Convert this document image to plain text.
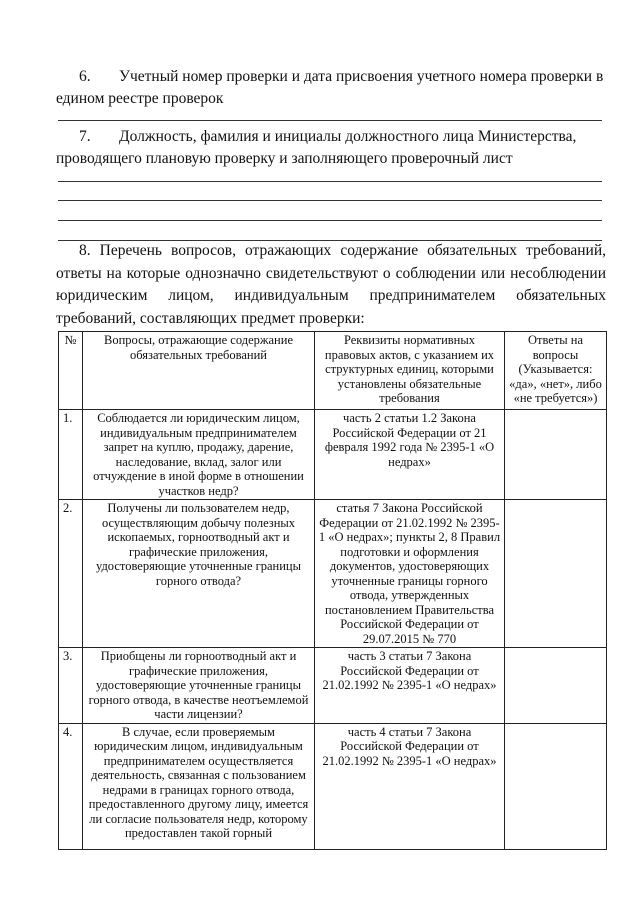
6. Учетный номер проверки и дата присвоения учетного номера проверки в едином реестре проверок
7. Должность, фамилия и инициалы должностного лица Министерства, проводящего плановую проверку и заполняющего проверочный лист
8. Перечень вопросов, отражающих содержание обязательных требований, ответы на которые однозначно свидетельствуют о соблюдении или несоблюдении юридическим лицом, индивидуальным предпринимателем обязательных
требований, составляющих предмет проверки:
№	Вопросы, отражающие содержание обязательных требований	Реквизиты нормативных правовых актов, с указанием их структурных единиц, которыми установлены обязательные требования	Ответы на вопросы (Указывается: «да», «нет», либо «не требуется»)
1.	Соблюдается ли юридическим лицом, индивидуальным предпринимателем запрет на куплю, продажу, дарение, наследование, вклад, залог или отчуждение в иной форме в отношении участков недр?	часть 2 статьи 1.2 Закона Российской Федерации от 21 февраля 1992 года № 2395-1 «О недрах»	
2.	Получены ли пользователем недр, осуществляющим добычу полезных ископаемых, горноотводный акт и графические приложения, удостоверяющие уточненные границы горного отвода?	статья 7 Закона Российской Федерации от 21.02.1992 № 2395-1 «О недрах»; пункты 2, 8 Правил подготовки и оформления документов, удостоверяющих уточненные границы горного отвода, утвержденных постановлением Правительства Российской Федерации от 29.07.2015 № 770	
3.	Приобщены ли горноотводный акт и графические приложения, удостоверяющие уточненные границы горного отвода, в качестве неотъемлемой части лицензии?	часть 3 статьи 7 Закона Российской Федерации от 21.02.1992 № 2395-1 «О недрах»	
4.	В случае, если проверяемым юридическим лицом, индивидуальным предпринимателем осуществляется деятельность, связанная с пользованием недрами в границах горного отвода, предоставленного другому лицу, имеется ли согласие пользователя недр, которому предоставлен такой горный	часть 4 статьи 7 Закона Российской Федерации от 21.02.1992 № 2395-1 «О недрах»	
